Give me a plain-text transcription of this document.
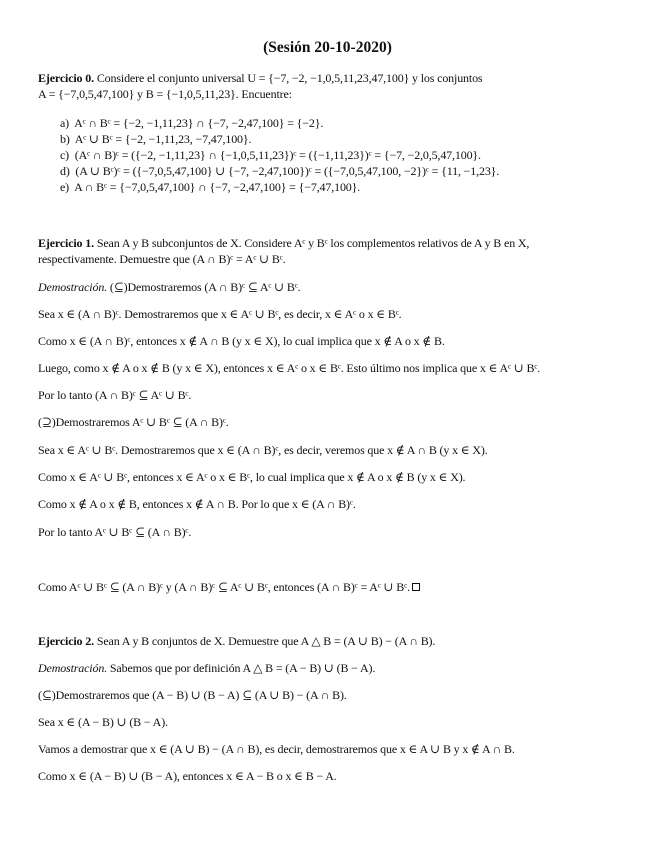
(Sesión 20-10-2020)
Ejercicio 0. Considere el conjunto universal U = {−7, −2, −1,0,5,11,23,47,100} y los conjuntos
A = {−7,0,5,47,100} y B = {−1,0,5,11,23}. Encuentre:
a) Aᶜ ∩ Bᶜ = {−2, −1,11,23} ∩ {−7, −2,47,100} = {−2}.
b) Aᶜ ∪ Bᶜ = {−2, −1,11,23, −7,47,100}.
c) (Aᶜ ∩ B)ᶜ = ({−2, −1,11,23} ∩ {−1,0,5,11,23})ᶜ = ({−1,11,23})ᶜ = {−7, −2,0,5,47,100}.
d) (A ∪ Bᶜ)ᶜ = ({−7,0,5,47,100} ∪ {−7, −2,47,100})ᶜ = ({−7,0,5,47,100, −2})ᶜ = {11, −1,23}.
e) A ∩ Bᶜ = {−7,0,5,47,100} ∩ {−7, −2,47,100} = {−7,47,100}.
Ejercicio 1. Sean A y B subconjuntos de X. Considere Aᶜ y Bᶜ los complementos relativos de A y B en X,
respectivamente. Demuestre que (A ∩ B)ᶜ = Aᶜ ∪ Bᶜ.
Demostración. (⊆)Demostraremos (A ∩ B)ᶜ ⊆ Aᶜ ∪ Bᶜ.
Sea x ∈ (A ∩ B)ᶜ. Demostraremos que x ∈ Aᶜ ∪ Bᶜ, es decir, x ∈ Aᶜ o x ∈ Bᶜ.
Como x ∈ (A ∩ B)ᶜ, entonces x ∉ A ∩ B (y x ∈ X), lo cual implica que x ∉ A o x ∉ B.
Luego, como x ∉ A o x ∉ B (y x ∈ X), entonces x ∈ Aᶜ o x ∈ Bᶜ. Esto último nos implica que x ∈ Aᶜ ∪ Bᶜ.
Por lo tanto (A ∩ B)ᶜ ⊆ Aᶜ ∪ Bᶜ.
(⊇)Demostraremos Aᶜ ∪ Bᶜ ⊆ (A ∩ B)ᶜ.
Sea x ∈ Aᶜ ∪ Bᶜ. Demostraremos que x ∈ (A ∩ B)ᶜ, es decir, veremos que x ∉ A ∩ B (y x ∈ X).
Como x ∈ Aᶜ ∪ Bᶜ, entonces x ∈ Aᶜ o x ∈ Bᶜ, lo cual implica que x ∉ A o x ∉ B (y x ∈ X).
Como x ∉ A o x ∉ B, entonces x ∉ A ∩ B. Por lo que x ∈ (A ∩ B)ᶜ.
Por lo tanto Aᶜ ∪ Bᶜ ⊆ (A ∩ B)ᶜ.
Como Aᶜ ∪ Bᶜ ⊆ (A ∩ B)ᶜ y (A ∩ B)ᶜ ⊆ Aᶜ ∪ Bᶜ, entonces (A ∩ B)ᶜ = Aᶜ ∪ Bᶜ.
Ejercicio 2. Sean A y B conjuntos de X. Demuestre que A △ B = (A ∪ B) − (A ∩ B).
Demostración. Sabemos que por definición A △ B = (A − B) ∪ (B − A).
(⊆)Demostraremos que (A − B) ∪ (B − A) ⊆ (A ∪ B) − (A ∩ B).
Sea x ∈ (A − B) ∪ (B − A).
Vamos a demostrar que x ∈ (A ∪ B) − (A ∩ B), es decir, demostraremos que x ∈ A ∪ B y x ∉ A ∩ B.
Como x ∈ (A − B) ∪ (B − A), entonces x ∈ A − B o x ∈ B − A.
